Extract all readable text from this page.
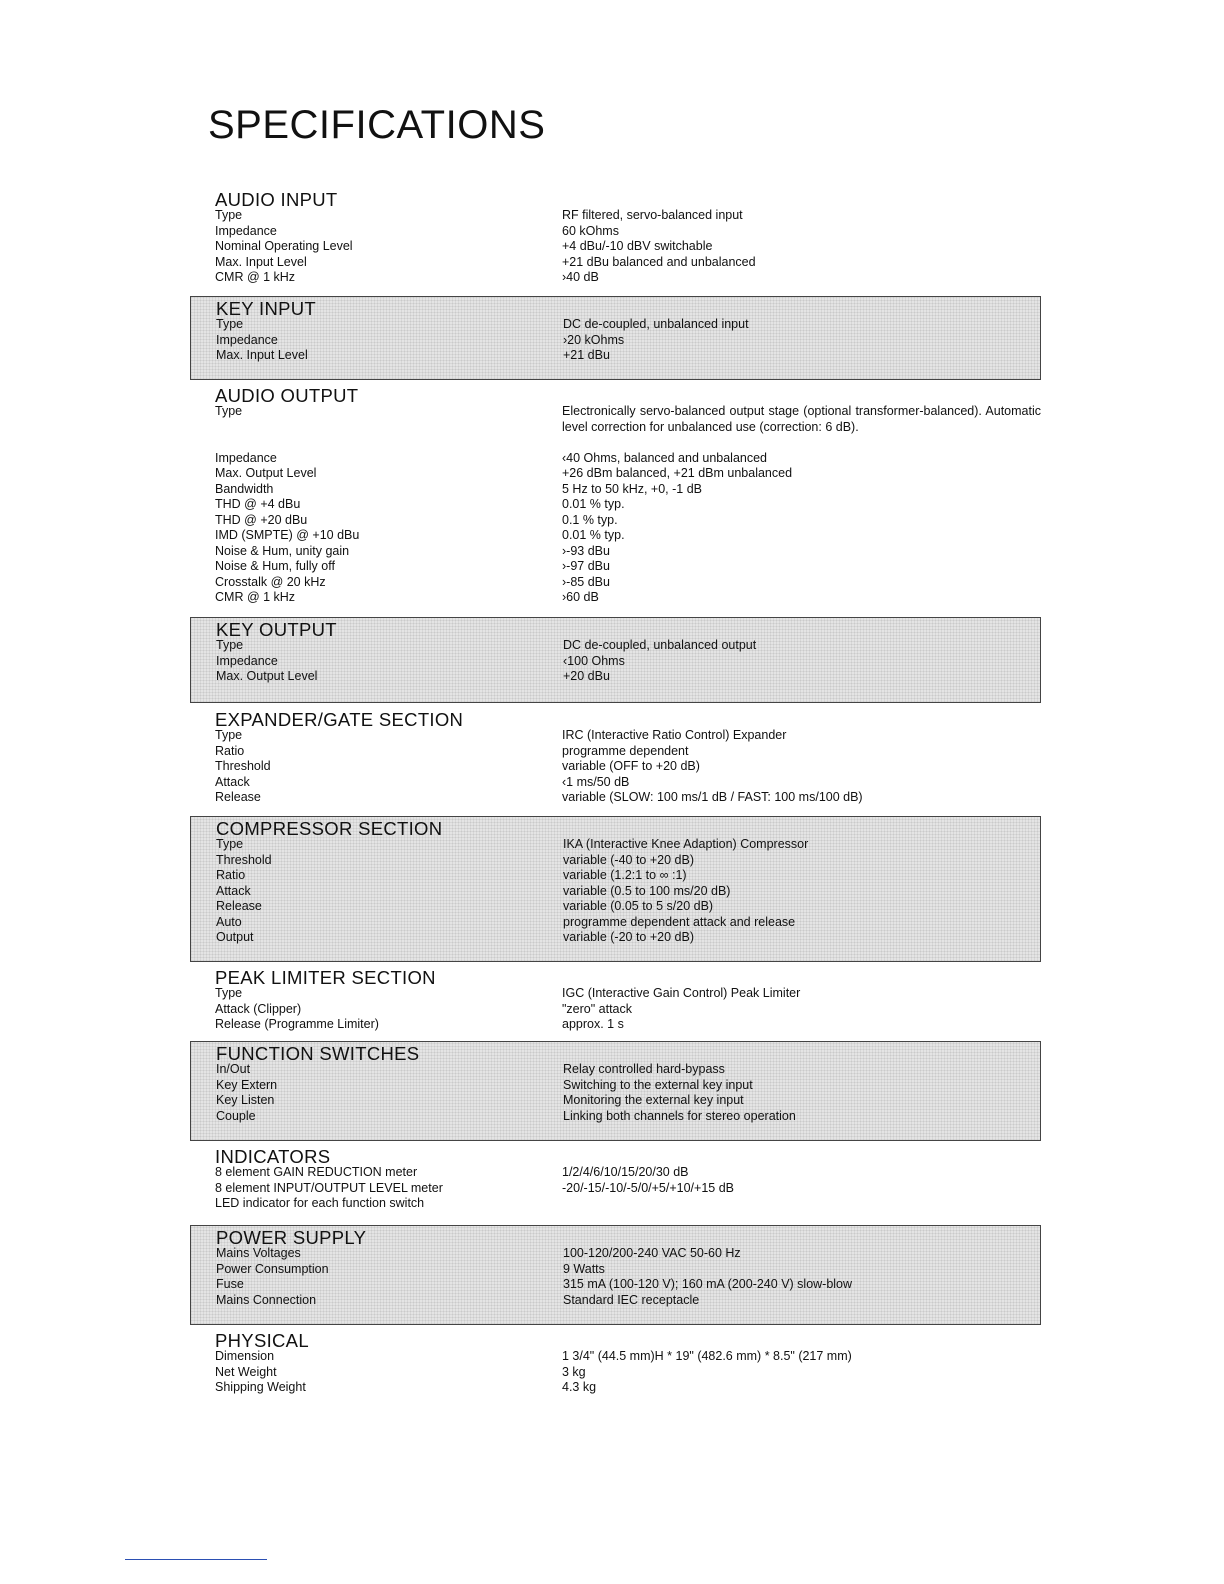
SPECIFICATIONS
AUDIO INPUT
Type	RF filtered, servo-balanced input
Impedance	60 kOhms
Nominal Operating Level	+4 dBu/-10 dBV switchable
Max. Input Level	+21 dBu balanced and unbalanced
CMR @ 1 kHz	›40 dB
KEY INPUT
Type	DC de-coupled, unbalanced input
Impedance	›20 kOhms
Max. Input Level	+21 dBu
AUDIO OUTPUT
Type	Electronically servo-balanced output stage (optional transformer-balanced). Automatic level correction for unbalanced use (correction: 6 dB).
Impedance	‹40 Ohms, balanced and unbalanced
Max. Output Level	+26 dBm balanced, +21 dBm unbalanced
Bandwidth	5 Hz to 50 kHz, +0, -1 dB
THD @ +4 dBu	0.01 % typ.
THD @ +20 dBu	0.1 % typ.
IMD (SMPTE) @ +10 dBu	0.01 % typ.
Noise & Hum, unity gain	›-93 dBu
Noise & Hum, fully off	›-97 dBu
Crosstalk @ 20 kHz	›-85 dBu
CMR @ 1 kHz	›60 dB
KEY OUTPUT
Type	DC de-coupled, unbalanced output
Impedance	‹100 Ohms
Max. Output Level	+20 dBu
EXPANDER/GATE SECTION
Type	IRC (Interactive Ratio Control) Expander
Ratio	programme dependent
Threshold	variable (OFF to +20 dB)
Attack	‹1 ms/50 dB
Release	variable (SLOW: 100 ms/1 dB / FAST: 100 ms/100 dB)
COMPRESSOR SECTION
Type	IKA (Interactive Knee Adaption) Compressor
Threshold	variable (-40 to +20 dB)
Ratio	variable (1.2:1 to ∞ :1)
Attack	variable (0.5 to 100 ms/20 dB)
Release	variable (0.05 to 5 s/20 dB)
Auto	programme dependent attack and release
Output	variable (-20 to +20 dB)
PEAK LIMITER SECTION
Type	IGC (Interactive Gain Control) Peak Limiter
Attack (Clipper)	"zero" attack
Release (Programme Limiter)	approx. 1 s
FUNCTION SWITCHES
In/Out	Relay controlled hard-bypass
Key Extern	Switching to the external key input
Key Listen	Monitoring the external key input
Couple	Linking both channels for stereo operation
INDICATORS
8 element GAIN REDUCTION meter	1/2/4/6/10/15/20/30 dB
8 element INPUT/OUTPUT LEVEL meter	-20/-15/-10/-5/0/+5/+10/+15 dB
LED indicator for each function switch
POWER SUPPLY
Mains Voltages	100-120/200-240 VAC 50-60 Hz
Power Consumption	9 Watts
Fuse	315 mA (100-120 V); 160 mA (200-240 V) slow-blow
Mains Connection	Standard IEC receptacle
PHYSICAL
Dimension	1 3/4" (44.5 mm)H * 19" (482.6 mm) * 8.5" (217 mm)
Net Weight	3 kg
Shipping Weight	4.3 kg
